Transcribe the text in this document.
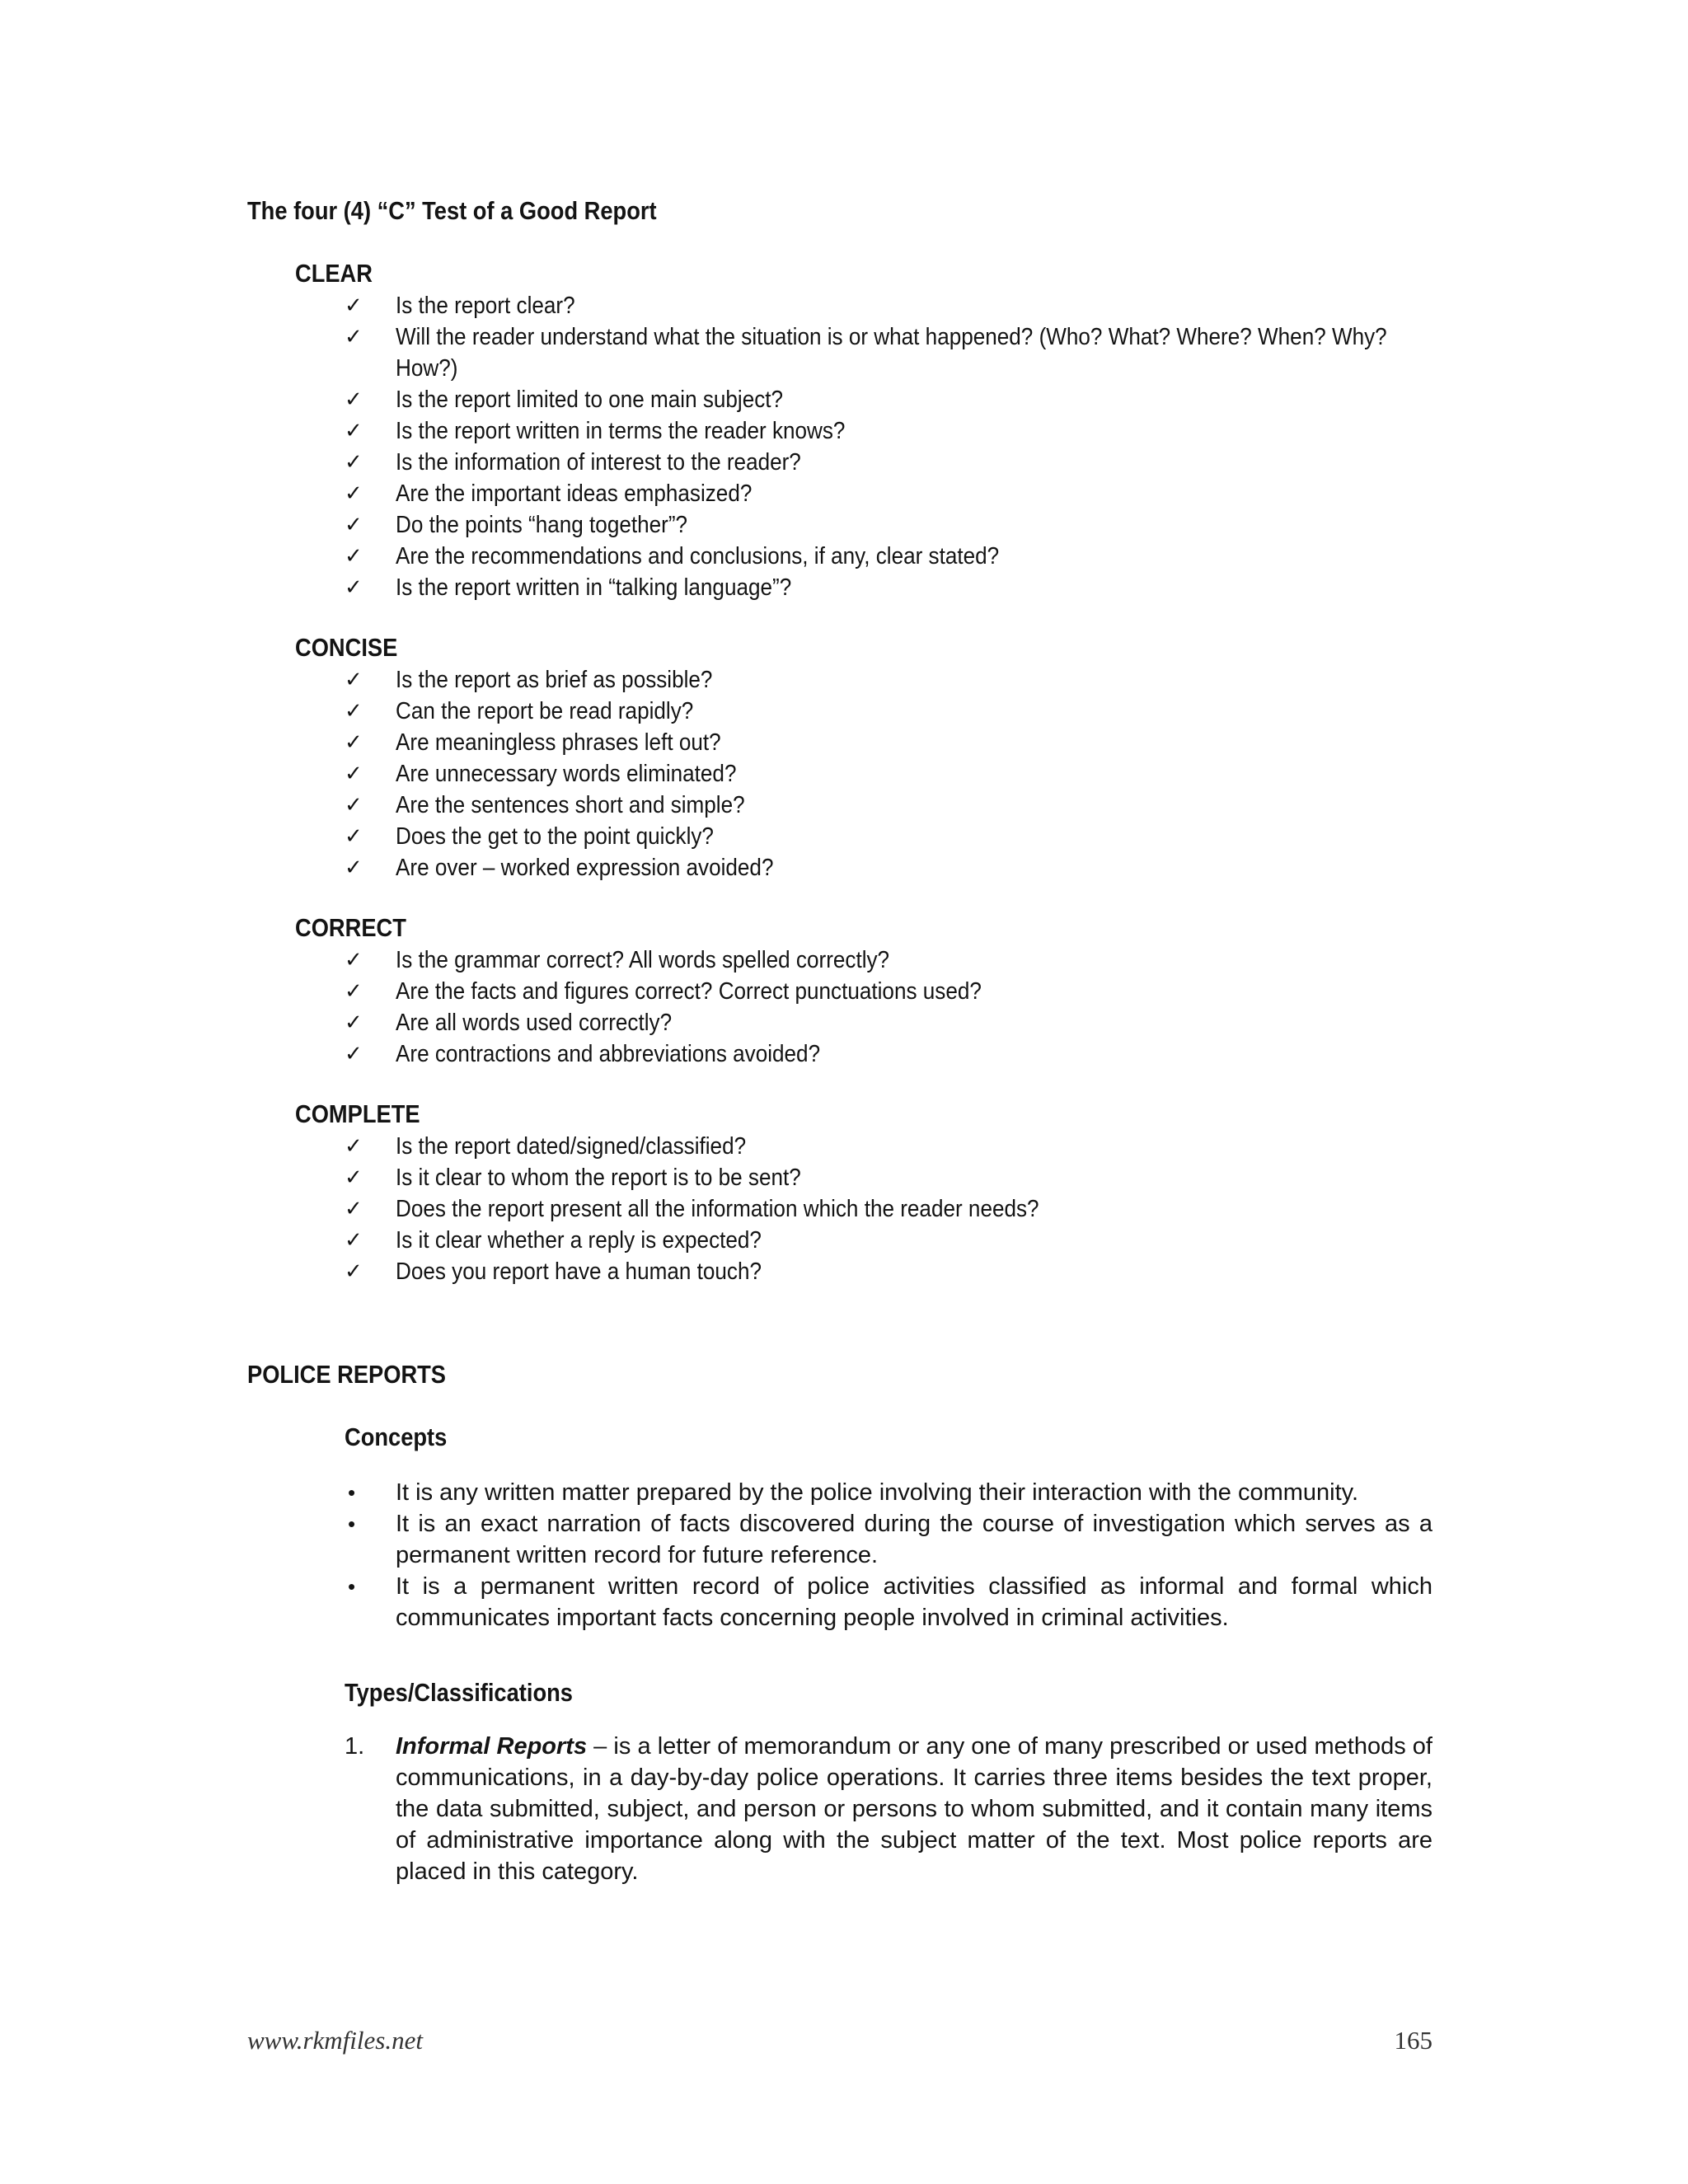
The four (4) “C” Test of a Good Report
CLEAR
✓ Is the report clear?
✓ Will the reader understand what the situation is or what happened? (Who? What? Where? When? Why? How?)
✓ Is the report limited to one main subject?
✓ Is the report written in terms the reader knows?
✓ Is the information of interest to the reader?
✓ Are the important ideas emphasized?
✓ Do the points “hang together”?
✓ Are the recommendations and conclusions, if any, clear stated?
✓ Is the report written in “talking language”?
CONCISE
✓ Is the report as brief as possible?
✓ Can the report be read rapidly?
✓ Are meaningless phrases left out?
✓ Are unnecessary words eliminated?
✓ Are the sentences short and simple?
✓ Does the get to the point quickly?
✓ Are over – worked expression avoided?
CORRECT
✓ Is the grammar correct? All words spelled correctly?
✓ Are the facts and figures correct? Correct punctuations used?
✓ Are all words used correctly?
✓ Are contractions and abbreviations avoided?
COMPLETE
✓ Is the report dated/signed/classified?
✓ Is it clear to whom the report is to be sent?
✓ Does the report present all the information which the reader needs?
✓ Is it clear whether a reply is expected?
✓ Does you report have a human touch?
POLICE REPORTS
Concepts
• It is any written matter prepared by the police involving their interaction with the community.
• It is an exact narration of facts discovered during the course of investigation which serves as a permanent written record for future reference.
• It is a permanent written record of police activities classified as informal and formal which communicates important facts concerning people involved in criminal activities.
Types/Classifications
1. Informal Reports – is a letter of memorandum or any one of many prescribed or used methods of communications, in a day-by-day police operations. It carries three items besides the text proper, the data submitted, subject, and person or persons to whom submitted, and it contain many items of administrative importance along with the subject matter of the text. Most police reports are placed in this category.
www.rkmfiles.net	165
